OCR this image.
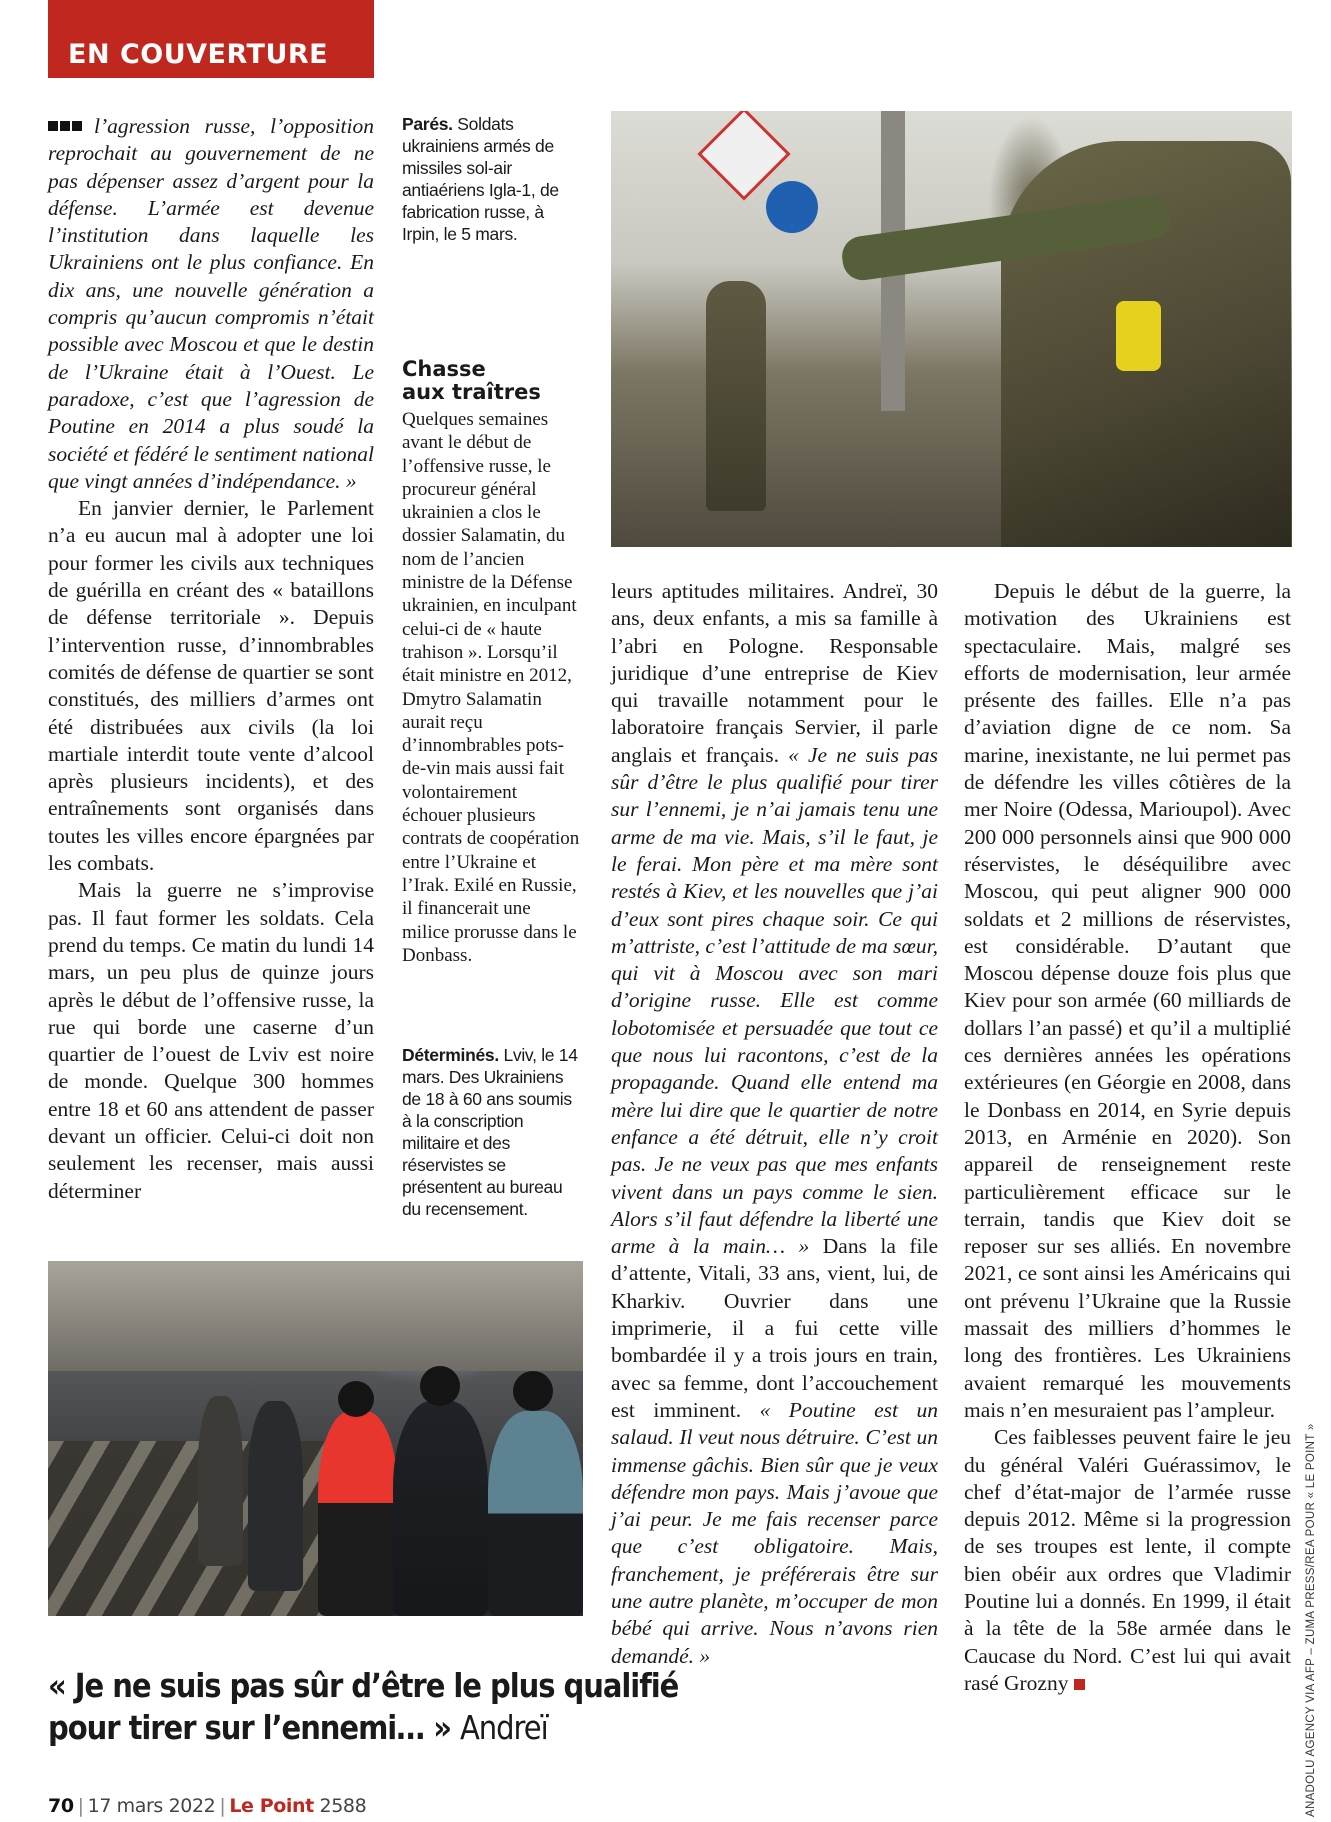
EN COUVERTURE

l’agression russe, l’opposition reprochait au gouvernement de ne pas dépenser assez d’argent pour la défense. L’armée est devenue l’institution dans laquelle les Ukrainiens ont le plus confiance. En dix ans, une nouvelle génération a compris qu’aucun compromis n’était possible avec Moscou et que le destin de l’Ukraine était à l’Ouest. Le paradoxe, c’est que l’agression de Poutine en 2014 a plus soudé la société et fédéré le sentiment national que vingt années d’indépendance. »

En janvier dernier, le Parlement n’a eu aucun mal à adopter une loi pour former les civils aux techniques de guérilla en créant des « bataillons de défense territoriale ». Depuis l’intervention russe, d’innombrables comités de défense de quartier se sont constitués, des milliers d’armes ont été distribuées aux civils (la loi martiale interdit toute vente d’alcool après plusieurs incidents), et des entraînements sont organisés dans toutes les villes encore épargnées par les combats.

Mais la guerre ne s’improvise pas. Il faut former les soldats. Cela prend du temps. Ce matin du lundi 14 mars, un peu plus de quinze jours après le début de l’offensive russe, la rue qui borde une caserne d’un quartier de l’ouest de Lviv est noire de monde. Quelque 300 hommes entre 18 et 60 ans attendent de passer devant un officier. Celui-ci doit non seulement les recenser, mais aussi déterminer

Parés. Soldats ukrainiens armés de missiles sol-air antiaériens Igla-1, de fabrication russe, à Irpin, le 5 mars.
Chasse
aux traîtres
Quelques semaines avant le début de l’offensive russe, le procureur général ukrainien a clos le dossier Salamatin, du nom de l’ancien ministre de la Défense ukrainien, en inculpant celui-ci de « haute trahison ». Lorsqu’il était ministre en 2012, Dmytro Salamatin aurait reçu d’innombrables pots-de-vin mais aussi fait volontairement échouer plusieurs contrats de coopération entre l’Ukraine et l’Irak. Exilé en Russie, il financerait une milice prorusse dans le Donbass.
Déterminés. Lviv, le 14 mars. Des Ukrainiens de 18 à 60 ans soumis à la conscription militaire et des réservistes se présentent au bureau du recensement.

leurs aptitudes militaires. Andreï, 30 ans, deux enfants, a mis sa famille à l’abri en Pologne. Responsable juridique d’une entreprise de Kiev qui travaille notamment pour le laboratoire français Servier, il parle anglais et français. « Je ne suis pas sûr d’être le plus qualifié pour tirer sur l’ennemi, je n’ai jamais tenu une arme de ma vie. Mais, s’il le faut, je le ferai. Mon père et ma mère sont restés à Kiev, et les nouvelles que j’ai d’eux sont pires chaque soir. Ce qui m’attriste, c’est l’attitude de ma sœur, qui vit à Moscou avec son mari d’origine russe. Elle est comme lobotomisée et persuadée que tout ce que nous lui racontons, c’est de la propagande. Quand elle entend ma mère lui dire que le quartier de notre enfance a été détruit, elle n’y croit pas. Je ne veux pas que mes enfants vivent dans un pays comme le sien. Alors s’il faut défendre la liberté une arme à la main… » Dans la file d’attente, Vitali, 33 ans, vient, lui, de Kharkiv. Ouvrier dans une imprimerie, il a fui cette ville bombardée il y a trois jours en train, avec sa femme, dont l’accouchement est imminent. « Poutine est un salaud. Il veut nous détruire. C’est un immense gâchis. Bien sûr que je veux défendre mon pays. Mais j’avoue que j’ai peur. Je me fais recenser parce que c’est obligatoire. Mais, franchement, je préférerais être sur une autre planète, m’occuper de mon bébé qui arrive. Nous n’avons rien demandé. »

Depuis le début de la guerre, la motivation des Ukrainiens est spectaculaire. Mais, malgré ses efforts de modernisation, leur armée présente des failles. Elle n’a pas d’aviation digne de ce nom. Sa marine, inexistante, ne lui permet pas de défendre les villes côtières de la mer Noire (Odessa, Marioupol). Avec 200 000 personnels ainsi que 900 000 réservistes, le déséquilibre avec Moscou, qui peut aligner 900 000 soldats et 2 millions de réservistes, est considérable. D’autant que Moscou dépense douze fois plus que Kiev pour son armée (60 milliards de dollars l’an passé) et qu’il a multiplié ces dernières années les opérations extérieures (en Géorgie en 2008, dans le Donbass en 2014, en Syrie depuis 2013, en Arménie en 2020). Son appareil de renseignement reste particulièrement efficace sur le terrain, tandis que Kiev doit se reposer sur ses alliés. En novembre 2021, ce sont ainsi les Américains qui ont prévenu l’Ukraine que la Russie massait des milliers d’hommes le long des frontières. Les Ukrainiens avaient remarqué les mouvements mais n’en mesuraient pas l’ampleur.

Ces faiblesses peuvent faire le jeu du général Valéri Guérassimov, le chef d’état-major de l’armée russe depuis 2012. Même si la progression de ses troupes est lente, il compte bien obéir aux ordres que Vladimir Poutine lui a donnés. En 1999, il était à la tête de la 58e armée dans le Caucase du Nord. C’est lui qui avait rasé Grozny

« Je ne suis pas sûr d’être le plus qualifié pour tirer sur l’ennemi… » Andreï
70 | 17 mars 2022 | Le Point 2588	ANADOLU AGENCY VIA AFP – ZUMA PRESS/REA POUR « LE POINT »
